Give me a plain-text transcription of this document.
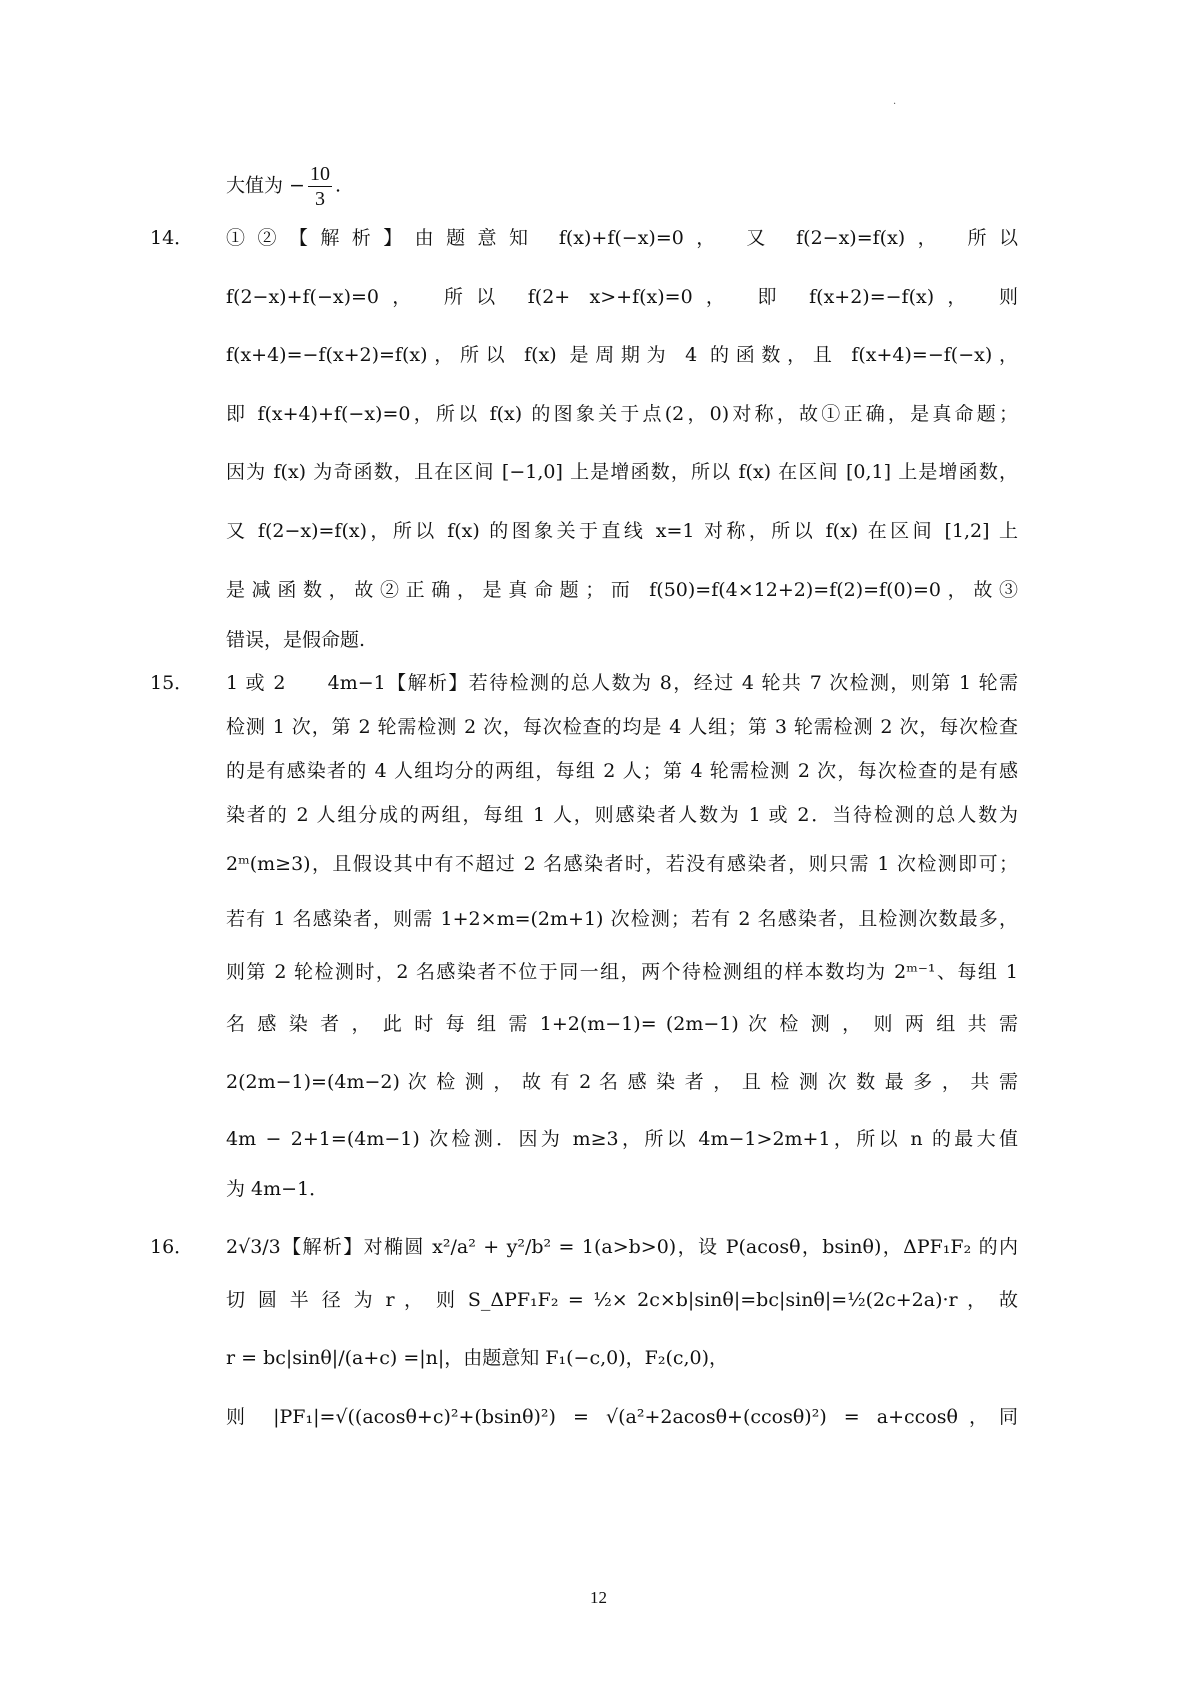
.
大值为 − $\frac{10}{3}$ .
14． ①②【解析】由题意知 f(x)+f(−x)=0， 又 f(2−x)=f(x)， 所以
f(2−x)+f(−x)=0， 所以 f(2+ x>+f(x)=0， 即 f(x+2)=−f(x)， 则
f(x+4)=−f(x+2)=f(x)，所以 f(x) 是周期为 4 的函数，且 f(x+4)=−f(−x)，
即 f(x+4)+f(−x)=0，所以 f(x) 的图象关于点(2，0)对称，故①正确，是真命题；
因为 f(x) 为奇函数，且在区间 [−1,0] 上是增函数，所以 f(x) 在区间 [0,1] 上是增函数，
又 f(2−x)=f(x)，所以 f(x) 的图象关于直线 x=1 对称，所以 f(x) 在区间 [1,2] 上
是减函数，故②正确，是真命题；而 f(50)=f(4×12+2)=f(2)=f(0)=0，故③
错误，是假命题.
15． 1 或 2　　4m−1【解析】若待检测的总人数为 8，经过 4 轮共 7 次检测，则第 1 轮需
检测 1 次，第 2 轮需检测 2 次，每次检查的均是 4 人组；第 3 轮需检测 2 次，每次检查
的是有感染者的 4 人组均分的两组，每组 2 人；第 4 轮需检测 2 次，每次检查的是有感
染者的 2 人组分成的两组，每组 1 人，则感染者人数为 1 或 2．当待检测的总人数为
2ᵐ(m≥3)，且假设其中有不超过 2 名感染者时，若没有感染者，则只需 1 次检测即可；
若有 1 名感染者，则需 1+2×m=(2m+1) 次检测；若有 2 名感染者，且检测次数最多，
则第 2 轮检测时，2 名感染者不位于同一组，两个待检测组的样本数均为 2ᵐ⁻¹、每组 1
名 感 染 者 ， 此 时 每 组 需 1+2(m−1)= (2m−1) 次 检 测 ， 则 两 组 共 需
2(2m−1)=(4m−2) 次 检 测 ， 故 有 2 名 感 染 者 ， 且 检 测 次 数 最 多 ， 共 需
4m − 2+1=(4m−1) 次检测．因为 m≥3，所以 4m−1>2m+1，所以 n 的最大值
为 4m−1．
16． 2√3/3【解析】对椭圆 x²/a² + y²/b² = 1(a>b>0)，设 P(acosθ，bsinθ)，ΔPF₁F₂ 的内
切 圆 半 径 为 r ， 则 S_ΔPF₁F₂ = ½× 2c×b|sinθ|=bc|sinθ|=½(2c+2a)·r ， 故
r = bc|sinθ|/(a+c) =|n|，由题意知 F₁(−c,0)，F₂(c,0)，
则 |PF₁|=√((acosθ+c)²+(bsinθ)²) = √(a²+2acosθ+(ccosθ)²) = a+ccosθ，同
12
